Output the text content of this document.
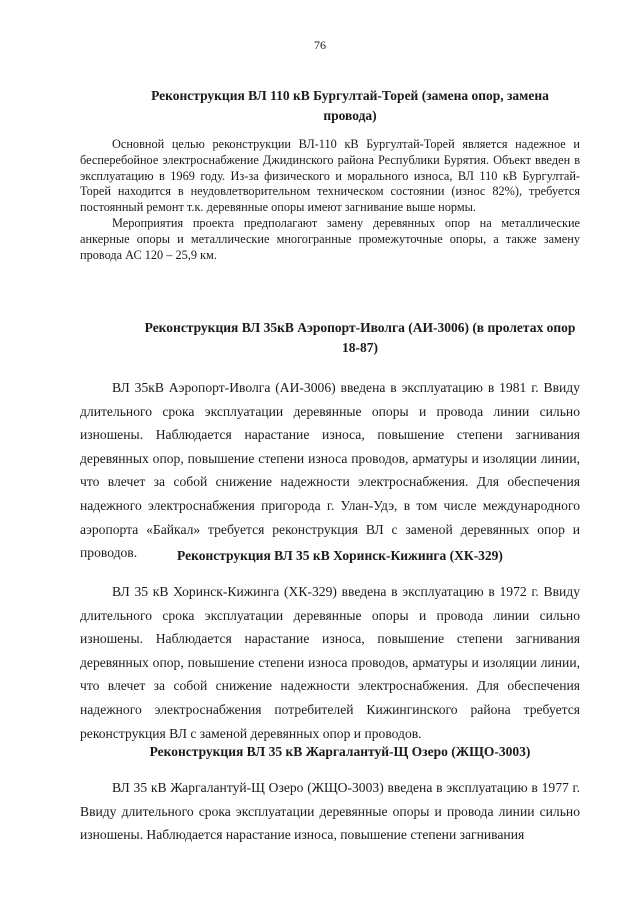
76
Реконструкция ВЛ 110 кВ Бургултай-Торей (замена опор, замена провода)

Основной целью реконструкции ВЛ-110 кВ Бургултай-Торей является надежное и бесперебойное электроснабжение Джидинского района Республики Бурятия. Объект введен в эксплуатацию в 1969 году. Из-за физического и морального износа, ВЛ 110 кВ Бургултай-Торей находится в неудовлетворительном техническом состоянии (износ 82%), требуется постоянный ремонт т.к. деревянные опоры имеют загнивание выше нормы.

Мероприятия проекта предполагают замену деревянных опор на металлические анкерные опоры и металлические многогранные промежуточные опоры, а также замену провода АС 120 – 25,9 км.

Реконструкция ВЛ 35кВ Аэропорт-Иволга (АИ-3006) (в пролетах опор 18-87)

ВЛ 35кВ Аэропорт-Иволга (АИ-3006) введена в эксплуатацию в 1981 г. Ввиду длительного срока эксплуатации деревянные опоры и провода линии сильно изношены. Наблюдается нарастание износа, повышение степени загнивания деревянных опор, повышение степени износа проводов, арматуры и изоляции линии, что влечет за собой снижение надежности электроснабжения. Для обеспечения надежного электроснабжения пригорода г. Улан-Удэ, в том числе международного аэропорта «Байкал» требуется реконструкция ВЛ с заменой деревянных опор и проводов.	Реконструкция ВЛ 35 кВ Хоринск-Кижинга (ХК-329)

ВЛ 35 кВ Хоринск-Кижинга (ХК-329) введена в эксплуатацию в 1972 г. Ввиду длительного срока эксплуатации деревянные опоры и провода линии сильно изношены. Наблюдается нарастание износа, повышение степени загнивания деревянных опор, повышение степени износа проводов, арматуры и изоляции линии, что влечет за собой снижение надежности электроснабжения. Для обеспечения надежного электроснабжения потребителей Кижингинского района требуется реконструкция ВЛ с заменой деревянных опор и проводов.

Реконструкция ВЛ 35 кВ Жаргалантуй-Щ Озеро (ЖЩО-3003)

ВЛ 35 кВ Жаргалантуй-Щ Озеро (ЖЩО-3003) введена в эксплуатацию в 1977 г. Ввиду длительного срока эксплуатации деревянные опоры и провода линии сильно изношены. Наблюдается нарастание износа, повышение степени загнивания
